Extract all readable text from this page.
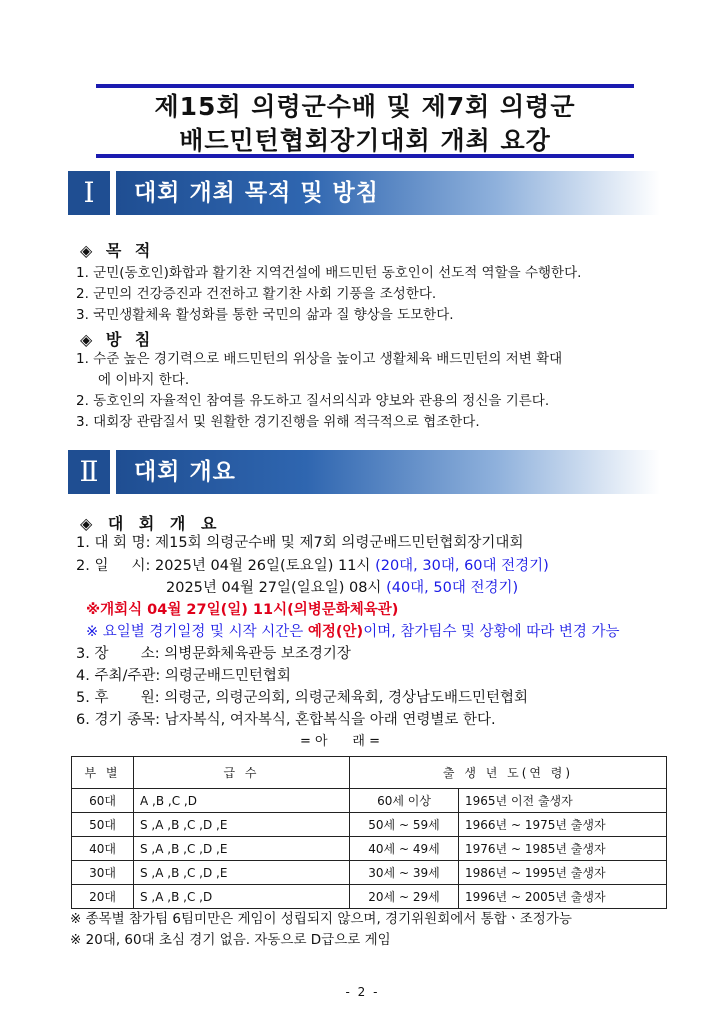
제15회 의령군수배 및 제7회 의령군
배드민턴협회장기대회 개최 요강
Ⅰ	대회 개최 목적 및 방침
◈ 목 적
1. 군민(동호인)화합과 활기찬 지역건설에 배드민턴 동호인이 선도적 역할을 수행한다.
2. 군민의 건강증진과 건전하고 활기찬 사회 기풍을 조성한다.
3. 국민생활체육 활성화를 통한 국민의 삶과 질 향상을 도모한다.
◈ 방 침
1. 수준 높은 경기력으로 배드민턴의 위상을 높이고 생활체육 배드민턴의 저변 확대
에 이바지 한다.
2. 동호인의 자율적인 참여를 유도하고 질서의식과 양보와 관용의 정신을 기른다.
3. 대회장 관람질서 및 원활한 경기진행을 위해 적극적으로 협조한다.
Ⅱ	대회 개요
◈ 대 회 개 요
1. 대 회 명: 제15회 의령군수배 및 제7회 의령군배드민턴협회장기대회
2. 일     시: 2025년 04월 26일(토요일) 11시 (20대, 30대, 60대 전경기)
2025년 04월 27일(일요일) 08시 (40대, 50대 전경기)
※개회식 04월 27일(일) 11시(의병문화체육관)
※ 요일별 경기일정 및 시작 시간은 예정(안)이며, 참가팀수 및 상황에 따라 변경 가능
3. 장       소: 의병문화체육관등 보조경기장
4. 주최/주관: 의령군배드민턴협회
5. 후       원: 의령군, 의령군의회, 의령군체육회, 경상남도배드민턴협회
6. 경기 종목: 남자복식, 여자복식, 혼합복식을 아래 연령별로 한다.
= 아      래 =
부 별	급 수	출 생 년 도(연 령)	
60대	A ,B ,C ,D	60세 이상	1965년 이전 출생자
50대	S ,A ,B ,C ,D ,E	50세 ~ 59세	1966년 ~ 1975년 출생자
40대	S ,A ,B ,C ,D ,E	40세 ~ 49세	1976년 ~ 1985년 출생자
30대	S ,A ,B ,C ,D ,E	30세 ~ 39세	1986년 ~ 1995년 출생자
20대	S ,A ,B ,C ,D	20세 ~ 29세	1996년 ~ 2005년 출생자
※ 종목별 참가팀 6팀미만은 게임이 성립되지 않으며, 경기위원회에서 통합ㆍ조정가능
※ 20대, 60대 초심 경기 없음. 자동으로 D급으로 게임
- 2 -
